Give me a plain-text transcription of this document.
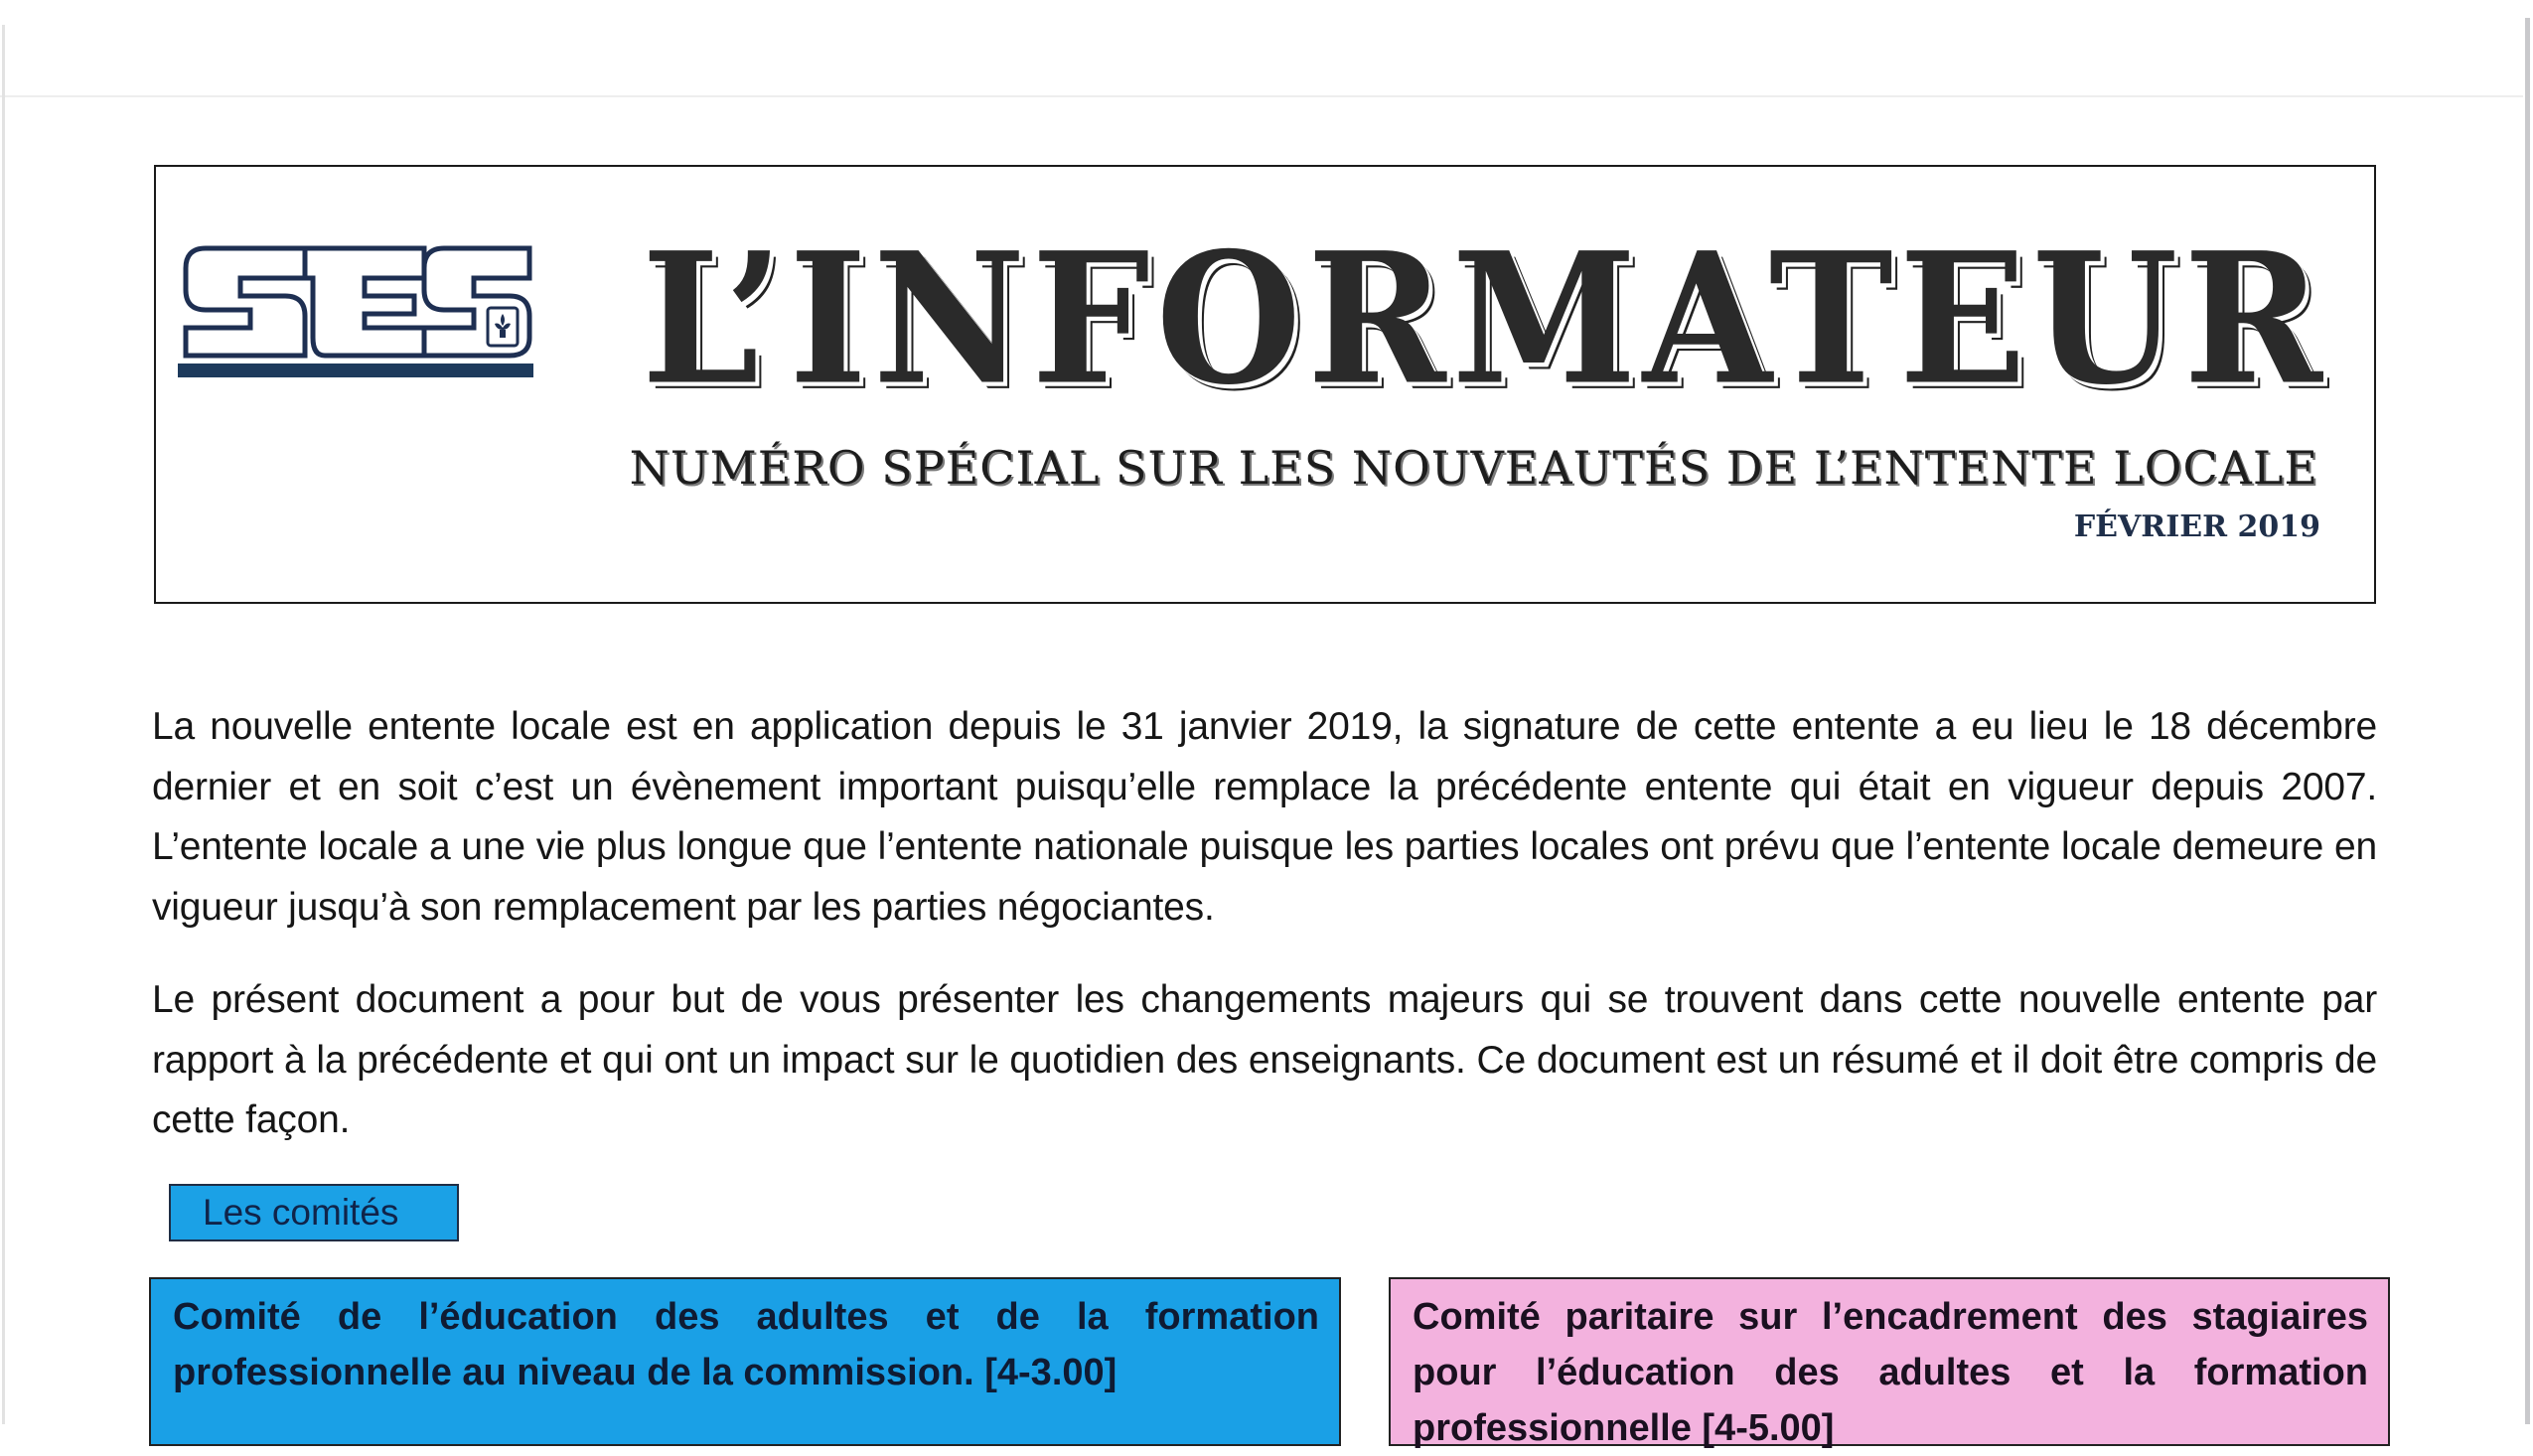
L’INFORMATEUR
NUMÉRO SPÉCIAL SUR LES NOUVEAUTÉS DE L’ENTENTE LOCALE
FÉVRIER 2019

La nouvelle entente locale est en application depuis le 31 janvier 2019, la signature de cette entente a eu lieu le 18 décembre dernier et en soit c’est un évènement important puisqu’elle remplace la précédente entente qui était en vigueur depuis 2007. L’entente locale a une vie plus longue que l’entente nationale puisque les parties locales ont prévu que l’entente locale demeure en vigueur jusqu’à son remplacement par les parties négociantes.

Le présent document a pour but de vous présenter les changements majeurs qui se trouvent dans cette nouvelle entente par rapport à la précédente et qui ont un impact sur le quotidien des enseignants. Ce document est un résumé et il doit être compris de cette façon.

Les comités
Comité de l’éducation des adultes et de la formation professionnelle au niveau de la commission. [4-3.00]
Comité paritaire sur l’encadrement des stagiaires pour l’éducation des adultes et la formation professionnelle [4-5.00]
